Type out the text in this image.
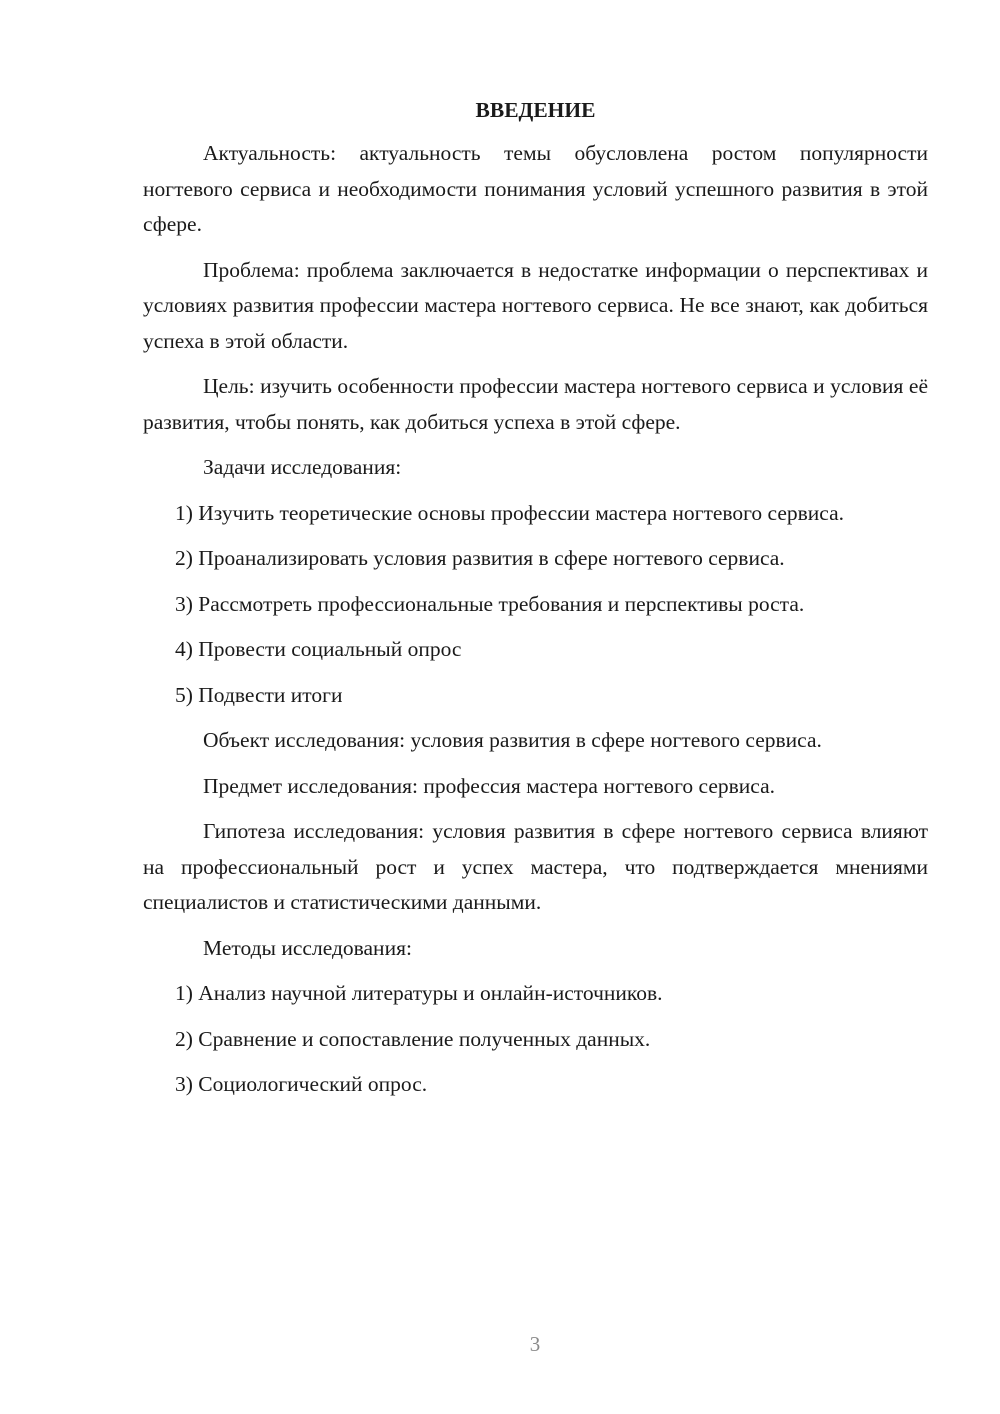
ВВЕДЕНИЕ

Актуальность: актуальность темы обусловлена ростом популярности ногтевого сервиса и необходимости понимания условий успешного развития в этой сфере.

Проблема: проблема заключается в недостатке информации о перспективах и условиях развития профессии мастера ногтевого сервиса. Не все знают, как добиться успеха в этой области.

Цель: изучить особенности профессии мастера ногтевого сервиса и условия её развития, чтобы понять, как добиться успеха в этой сфере.

Задачи исследования:

1) Изучить теоретические основы профессии мастера ногтевого сервиса.

2) Проанализировать условия развития в сфере ногтевого сервиса.

3) Рассмотреть профессиональные требования и перспективы роста.

4) Провести социальный опрос

5) Подвести итоги

Объект исследования: условия развития в сфере ногтевого сервиса.

Предмет исследования: профессия мастера ногтевого сервиса.

Гипотеза исследования: условия развития в сфере ногтевого сервиса влияют на профессиональный рост и успех мастера, что подтверждается мнениями специалистов и статистическими данными.

Методы исследования:

1) Анализ научной литературы и онлайн-источников.

2) Сравнение и сопоставление полученных данных.

3) Социологический опрос.

3
